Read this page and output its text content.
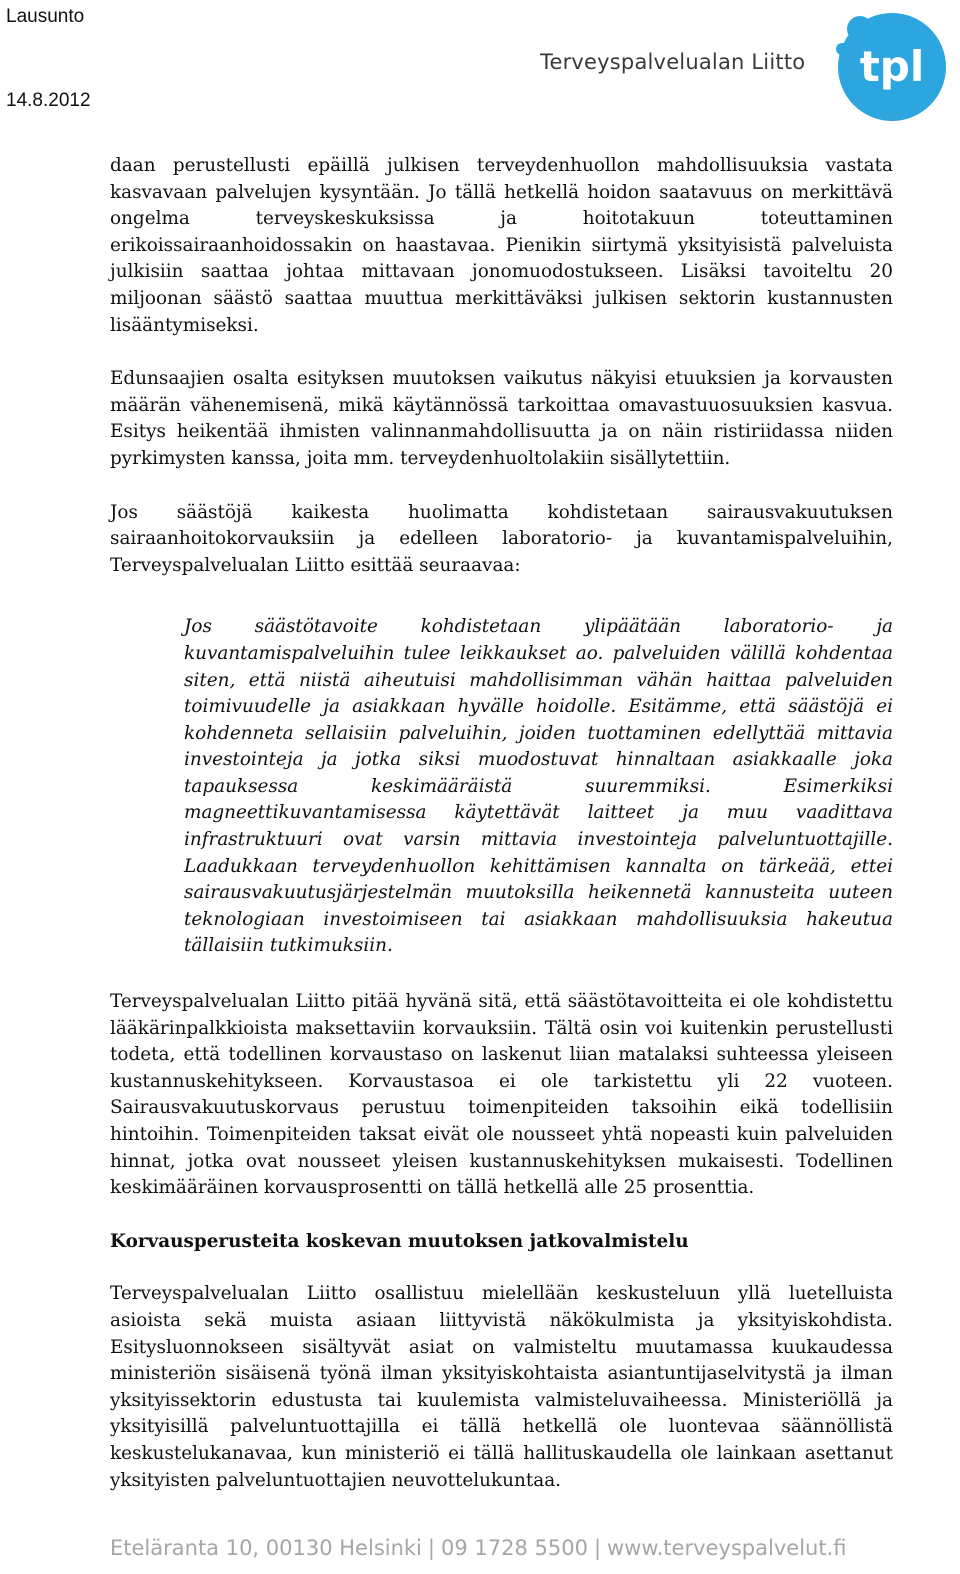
Lausunto
14.8.2012
Terveyspalvelualan Liitto tpl

daan perustellusti epäillä julkisen terveydenhuollon mahdollisuuksia vastata kasvavaan palvelujen kysyntään. Jo tällä hetkellä hoidon saatavuus on merkittävä ongelma terveyskeskuksissa ja hoitotakuun toteuttaminen erikoissairaanhoidossakin on haastavaa. Pienikin siirtymä yksityisistä palveluista julkisiin saattaa johtaa mittavaan jonomuodostukseen. Lisäksi tavoiteltu 20 miljoonan säästö saattaa muuttua merkittäväksi julkisen sektorin kustannusten lisääntymiseksi.

Edunsaajien osalta esityksen muutoksen vaikutus näkyisi etuuksien ja korvausten määrän vähenemisenä, mikä käytännössä tarkoittaa omavastuuosuuksien kasvua. Esitys heikentää ihmisten valinnanmahdollisuutta ja on näin ristiriidassa niiden pyrkimysten kanssa, joita mm. terveydenhuoltolakiin sisällytettiin.

Jos säästöjä kaikesta huolimatta kohdistetaan sairausvakuutuksen sairaanhoitokorvauksiin ja edelleen laboratorio- ja kuvantamispalveluihin, Terveyspalvelualan Liitto esittää seuraavaa:

Jos säästötavoite kohdistetaan ylipäätään laboratorio- ja kuvantamispalveluihin tulee leikkaukset ao. palveluiden välillä kohdentaa siten, että niistä aiheutuisi mahdollisimman vähän haittaa palveluiden toimivuudelle ja asiakkaan hyvälle hoidolle. Esitämme, että säästöjä ei kohdenneta sellaisiin palveluihin, joiden tuottaminen edellyttää mittavia investointeja ja jotka siksi muodostuvat hinnaltaan asiakkaalle joka tapauksessa keskimääräistä suuremmiksi. Esimerkiksi magneettikuvantamisessa käytettävät laitteet ja muu vaadittava infrastruktuuri ovat varsin mittavia investointeja palveluntuottajille. Laadukkaan terveydenhuollon kehittämisen kannalta on tärkeää, ettei sairausvakuutusjärjestelmän muutoksilla heikennetä kannusteita uuteen teknologiaan investoimiseen tai asiakkaan mahdollisuuksia hakeutua tällaisiin tutkimuksiin.

Terveyspalvelualan Liitto pitää hyvänä sitä, että säästötavoitteita ei ole kohdistettu lääkärinpalkkioista maksettaviin korvauksiin. Tältä osin voi kuitenkin perustellusti todeta, että todellinen korvaustaso on laskenut liian matalaksi suhteessa yleiseen kustannuskehitykseen. Korvaustasoa ei ole tarkistettu yli 22 vuoteen. Sairausvakuutuskorvaus perustuu toimenpiteiden taksoihin eikä todellisiin hintoihin. Toimenpiteiden taksat eivät ole nousseet yhtä nopeasti kuin palveluiden hinnat, jotka ovat nousseet yleisen kustannuskehityksen mukaisesti. Todellinen keskimääräinen korvausprosentti on tällä hetkellä alle 25 prosenttia.

Korvausperusteita koskevan muutoksen jatkovalmistelu

Terveyspalvelualan Liitto osallistuu mielellään keskusteluun yllä luetelluista asioista sekä muista asiaan liittyvistä näkökulmista ja yksityiskohdista. Esitysluonnokseen sisältyvät asiat on valmisteltu muutamassa kuukaudessa ministeriön sisäisenä työnä ilman yksityiskohtaista asiantuntijaselvitystä ja ilman yksityissektorin edustusta tai kuulemista valmisteluvaiheessa. Ministeriöllä ja yksityisillä palveluntuottajilla ei tällä hetkellä ole luontevaa säännöllistä keskustelukanavaa, kun ministeriö ei tällä hallituskaudella ole lainkaan asettanut yksityisten palveluntuottajien neuvottelukuntaa.

Eteläranta 10, 00130 Helsinki | 09 1728 5500 | www.terveyspalvelut.fi
